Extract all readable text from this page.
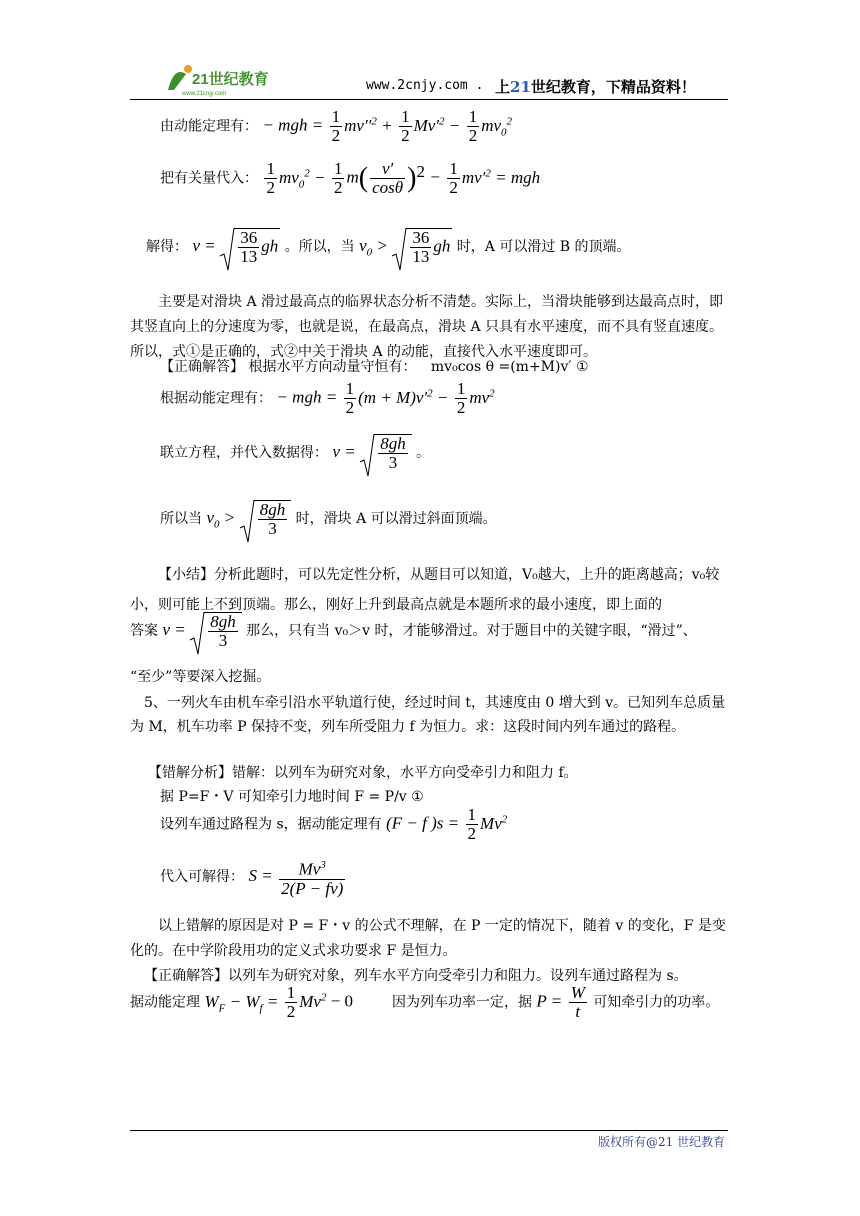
21世纪教育
www.21cnjy.com
www.2cnjy.com . 上21世纪教育，下精品资料！
由动能定理有： − mgh = $\frac{1}{2} mv''^2 + \frac{1}{2} Mv'^2 - \frac{1}{2} mv_0^2$
把有关量代入： $\frac{1}{2} mv_0^2 - \frac{1}{2} m( \frac{v'}{\cos\theta} )^2 - \frac{1}{2} mv'^2$ = mgh
解得： $v = \frac{36}{13}$ gh 。所以，当 $v_0 > \frac{36}{13}$ gh 时，A 可以滑过 B 的顶端。
主要是对滑块 A 滑过最高点的临界状态分析不清楚。实际上，当滑块能够到达最高点时，即其竖直向上的分速度为零，也就是说，在最高点，滑块 A 只具有水平速度，而不具有竖直速度。所以，式①是正确的，式②中关于滑块 A 的动能，直接代入水平速度即可。
【正确解答】 根据水平方向动量守恒有： mv₀cos θ =(m+M)v′ ①
根据动能定理有： − mgh = $\frac{1}{2} (m + M)v'^2 - \frac{1}{2} mv^2$
联立方程，并代入数据得： $v = \frac{8gh}{3}$ 。
所以当 $v_0 > \frac{8gh}{3}$ 时，滑块 A 可以滑过斜面顶端。
【小结】分析此题时，可以先定性分析，从题目可以知道，V₀越大，上升的距离越高；v₀较小，则可能上不到顶端。那么，刚好上升到最高点就是本题所求的最小速度，即上面的
答案 $v = \frac{8gh}{3}$ 那么，只有当 v₀＞v 时，才能够滑过。对于题目中的关键字眼，“滑过”、
“至少”等要深入挖掘。
5、一列火车由机车牵引沿水平轨道行使，经过时间 t，其速度由 0 增大到 v。已知列车总质量为 M，机车功率 P 保持不变，列车所受阻力 f 为恒力。求：这段时间内列车通过的路程。
【错解分析】错解：以列车为研究对象，水平方向受牵引力和阻力 f。
据 P=F・V 可知牵引力地时间 F = P/v ①
设列车通过路程为 s，据动能定理有 (F − f )$s = \frac{1}{2} Mv^2$
代入可解得： $S = \frac{Mv^3}{2(P - fv)}$
以上错解的原因是对 P = F・v 的公式不理解，在 P 一定的情况下，随着 v 的变化，F 是变化的。在中学阶段用功的定义式求功要求 F 是恒力。
【正确解答】以列车为研究对象，列车水平方向受牵引力和阻力。设列车通过路程为 s。
据动能定理 $W_F - W_f = \frac{1}{2} Mv^2 - 0$	因为列车功率一定，据 $P = \frac{W}{t}$ 可知牵引力的功率。
版权所有@21 世纪教育
